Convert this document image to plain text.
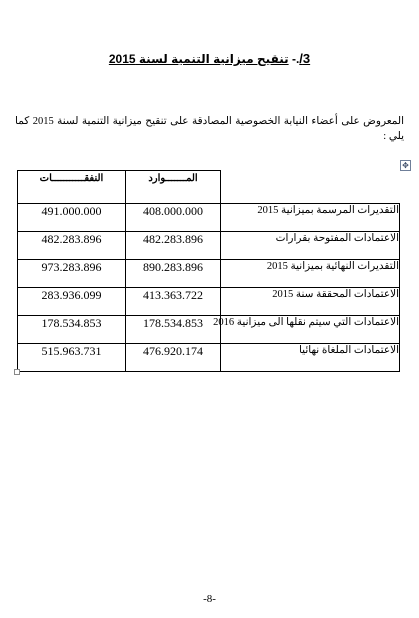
3/.- تنقيح ميزانية التنمية لسنة 2015
المعروض على أعضاء النيابة الخصوصية المصادقة على تنقيح ميزانية التنمية لسنة 2015 كما يلي :
✥
النفقـــــــــــات	المـــــــوارد	
491.000.000	408.000.000	التقديرات المرسمة بميزانية 2015
482.283.896	482.283.896	الاعتمادات المفتوحة بقرارات
973.283.896	890.283.896	التقديرات النهائية بميزانية 2015
283.936.099	413.363.722	الاعتمادات المحققة سنة 2015
178.534.853	178.534.853	الاعتمادات التي سيتم نقلها الى ميزانية 2016
515.963.731	476.920.174	الاعتمادات الملغاة نهائيا
-8-
